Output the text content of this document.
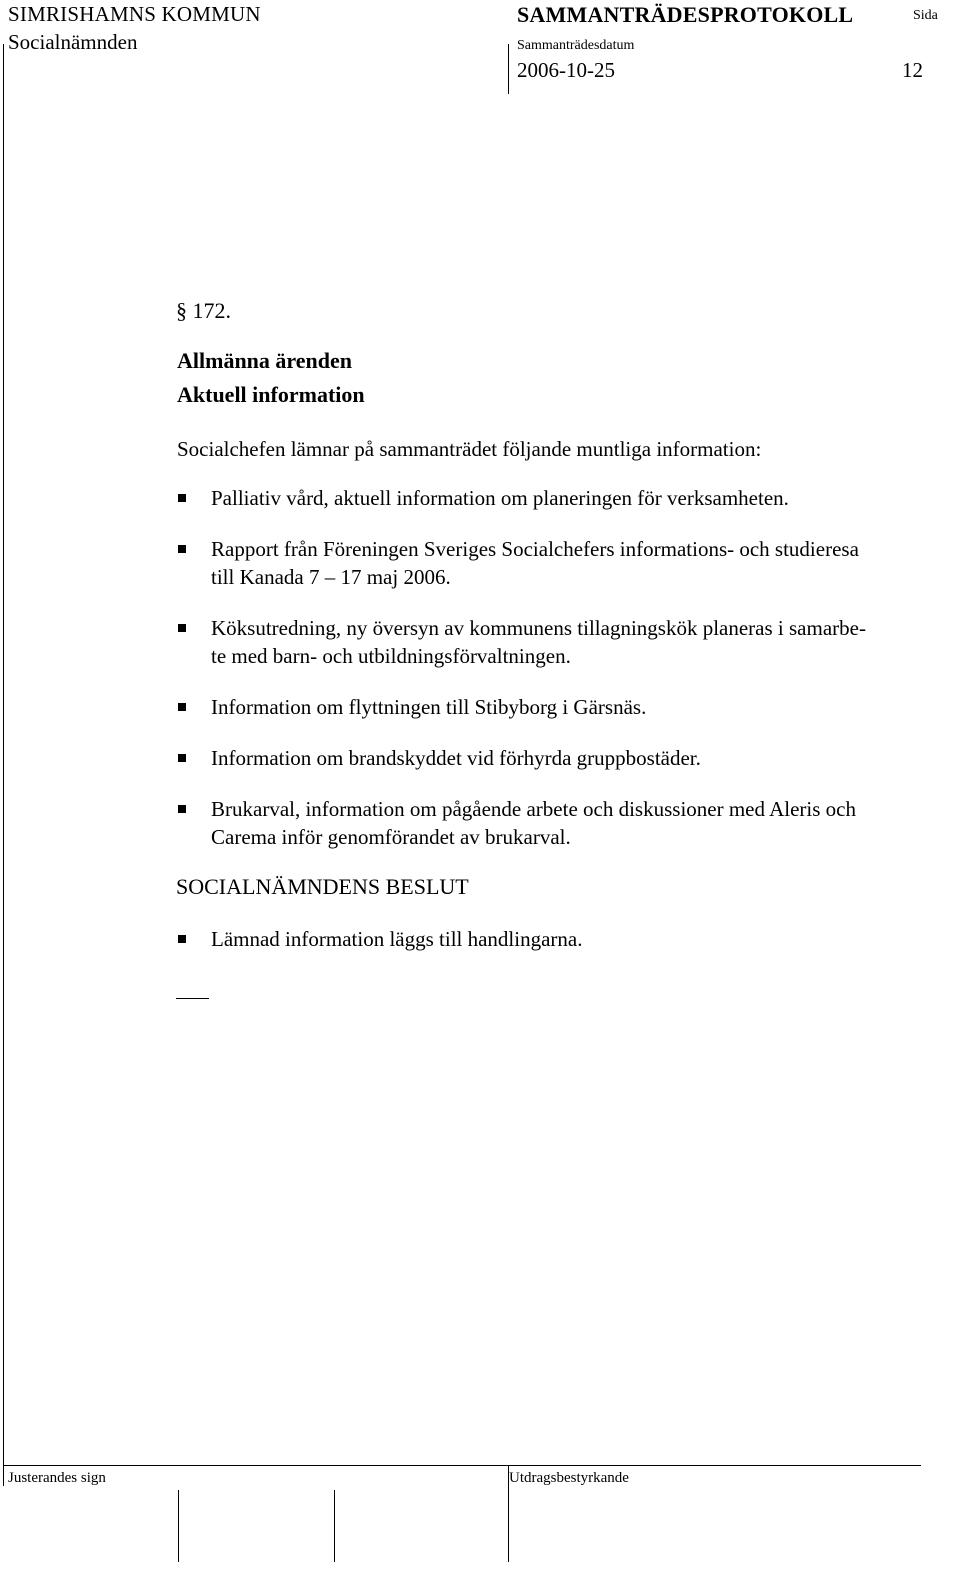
SIMRISHAMNS KOMMUN
Socialnämnden
SAMMANTRÄDESPROTOKOLL	Sida
Sammanträdesdatum
2006-10-25	12
§ 172.
Allmänna ärenden
Aktuell information
Socialchefen lämnar på sammanträdet följande muntliga information:
Palliativ vård, aktuell information om planeringen för verksamheten.
Rapport från Föreningen Sveriges Socialchefers informations- och studieresa
till Kanada 7 – 17 maj 2006.
Köksutredning, ny översyn av kommunens tillagningskök planeras i samarbe-
te med barn- och utbildningsförvaltningen.
Information om flyttningen till Stibyborg i Gärsnäs.
Information om brandskyddet vid förhyrda gruppbostäder.
Brukarval, information om pågående arbete och diskussioner med Aleris och
Carema inför genomförandet av brukarval.
SOCIALNÄMNDENS BESLUT
Lämnad information läggs till handlingarna.
Justerandes sign	Utdragsbestyrkande
